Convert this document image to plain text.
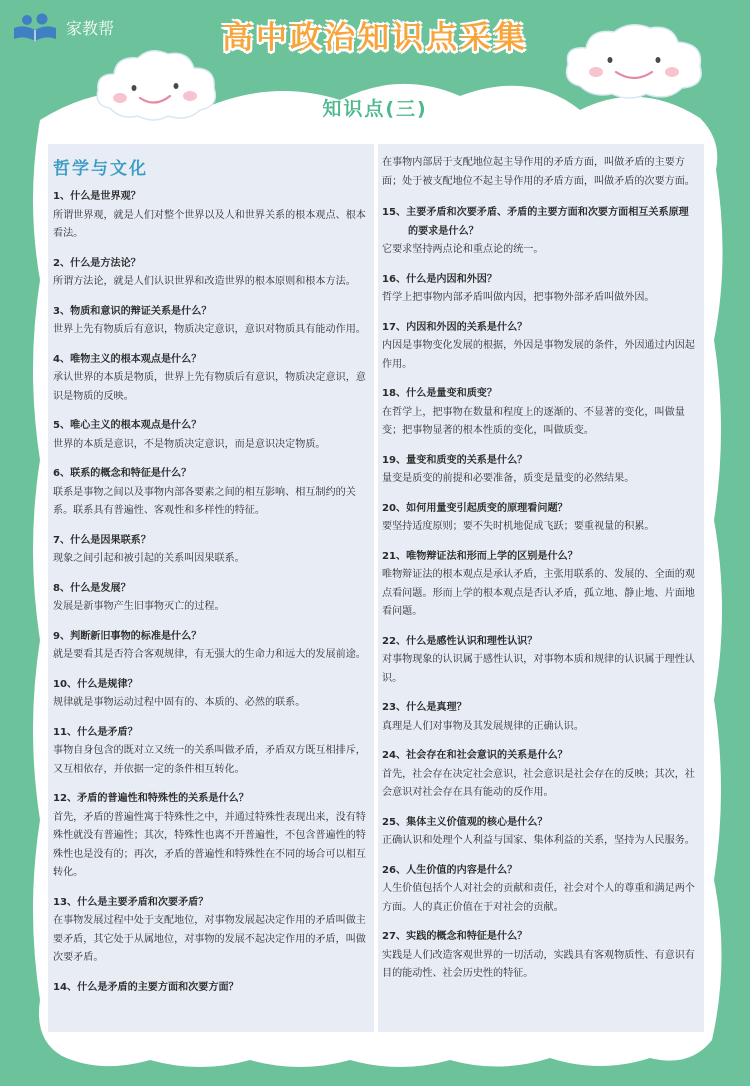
家教帮	高中政治知识点采集
知识点(三)
哲学与文化
1、什么是世界观？
所谓世界观，就是人们对整个世界以及人和世界关系的根本观点、根本看法。
2、什么是方法论？
所谓方法论，就是人们认识世界和改造世界的根本原则和根本方法。
3、物质和意识的辩证关系是什么？
世界上先有物质后有意识，物质决定意识，意识对物质具有能动作用。
4、唯物主义的根本观点是什么？
承认世界的本质是物质，世界上先有物质后有意识，物质决定意识，意识是物质的反映。
5、唯心主义的根本观点是什么？
世界的本质是意识，不是物质决定意识，而是意识决定物质。
6、联系的概念和特征是什么？
联系是事物之间以及事物内部各要素之间的相互影响、相互制约的关系。联系具有普遍性、客观性和多样性的特征。
7、什么是因果联系？
现象之间引起和被引起的关系叫因果联系。
8、什么是发展？
发展是新事物产生旧事物灭亡的过程。
9、判断新旧事物的标准是什么？
就是要看其是否符合客观规律，有无强大的生命力和远大的发展前途。
10、什么是规律？
规律就是事物运动过程中固有的、本质的、必然的联系。
11、什么是矛盾？
事物自身包含的既对立又统一的关系叫做矛盾，矛盾双方既互相排斥，又互相依存，并依据一定的条件相互转化。
12、矛盾的普遍性和特殊性的关系是什么？
首先，矛盾的普遍性寓于特殊性之中，并通过特殊性表现出来，没有特殊性就没有普遍性；其次，特殊性也离不开普遍性，不包含普遍性的特殊性也是没有的；再次，矛盾的普遍性和特殊性在不同的场合可以相互转化。
13、什么是主要矛盾和次要矛盾？
在事物发展过程中处于支配地位，对事物发展起决定作用的矛盾叫做主要矛盾，其它处于从属地位，对事物的发展不起决定作用的矛盾，叫做次要矛盾。
14、什么是矛盾的主要方面和次要方面？
在事物内部居于支配地位起主导作用的矛盾方面，叫做矛盾的主要方面；处于被支配地位不起主导作用的矛盾方面，叫做矛盾的次要方面。
15、主要矛盾和次要矛盾、矛盾的主要方面和次要方面相互关系原理的要求是什么？
它要求坚持两点论和重点论的统一。
16、什么是内因和外因？
哲学上把事物内部矛盾叫做内因，把事物外部矛盾叫做外因。
17、内因和外因的关系是什么？
内因是事物变化发展的根据，外因是事物发展的条件，外因通过内因起作用。
18、什么是量变和质变？
在哲学上，把事物在数量和程度上的逐渐的、不显著的变化，叫做量变；把事物显著的根本性质的变化，叫做质变。
19、量变和质变的关系是什么？
量变是质变的前提和必要准备，质变是量变的必然结果。
20、如何用量变引起质变的原理看问题？
要坚持适度原则；要不失时机地促成飞跃；要重视量的积累。
21、唯物辩证法和形而上学的区别是什么？
唯物辩证法的根本观点是承认矛盾，主张用联系的、发展的、全面的观点看问题。形而上学的根本观点是否认矛盾，孤立地、静止地、片面地看问题。
22、什么是感性认识和理性认识？
对事物现象的认识属于感性认识，对事物本质和规律的认识属于理性认识。
23、什么是真理？
真理是人们对事物及其发展规律的正确认识。
24、社会存在和社会意识的关系是什么？
首先，社会存在决定社会意识，社会意识是社会存在的反映；其次，社会意识对社会存在具有能动的反作用。
25、集体主义价值观的核心是什么？
正确认识和处理个人利益与国家、集体利益的关系，坚持为人民服务。
26、人生价值的内容是什么？
人生价值包括个人对社会的贡献和责任，社会对个人的尊重和满足两个方面。人的真正价值在于对社会的贡献。
27、实践的概念和特征是什么？
实践是人们改造客观世界的一切活动，实践具有客观物质性、有意识有目的能动性、社会历史性的特征。
